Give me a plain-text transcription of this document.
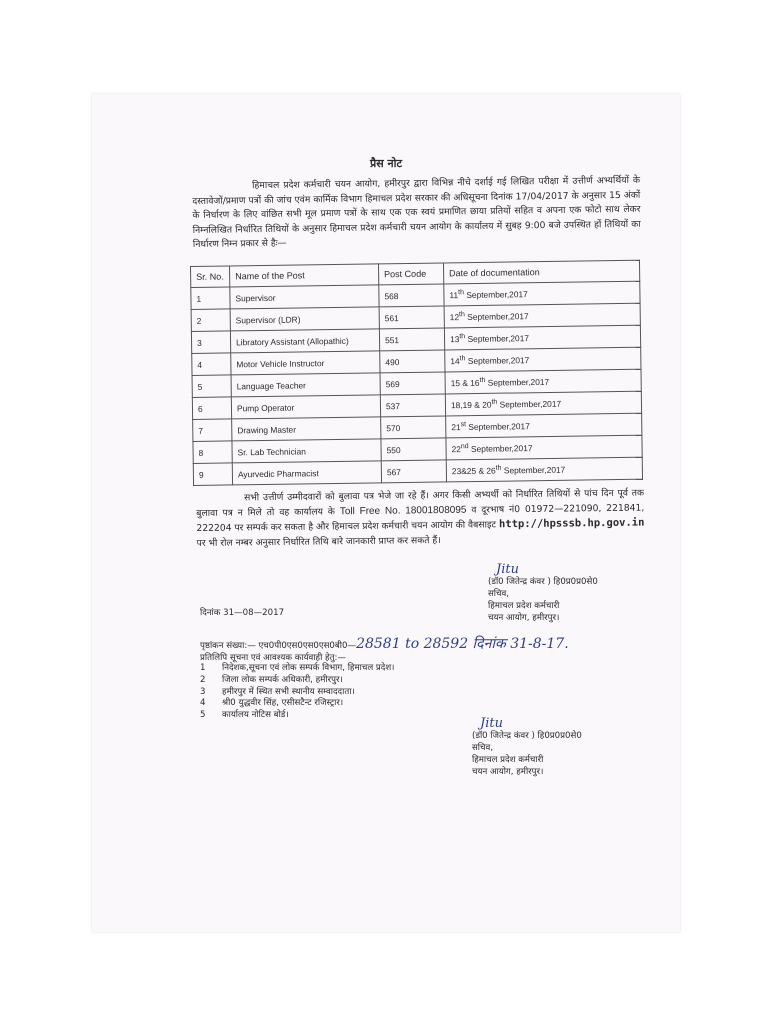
प्रैस नोट
हिमाचल प्रदेश कर्मचारी चयन आयोग, हमीरपुर द्वारा विभिन्न नीचे दर्शाई गई लिखित परीक्षा में उत्तीर्ण अभ्यर्थियों के दस्तावेजों/प्रमाण पत्रों की जांच एवंम कार्मिक विभाग हिमाचल प्रदेश सरकार की अधिसूचना दिनांक 17/04/2017 के अनुसार 15 अंकों के निर्धारण के लिए वांछित सभी मूल प्रमाण पत्रों के साथ एक एक स्वयं प्रमाणित छाया प्रतियों सहित व अपना एक फोटो साथ लेकर निम्नलिखित निर्धारित तिथियों के अनुसार हिमाचल प्रदेश कर्मचारी चयन आयोग के कार्यालय में सुबह 9:00 बजे उपस्थित हों तिथियों का निर्धारण निम्न प्रकार से हैः—
Sr. No.	Name of the Post	Post Code	Date of documentation
1	Supervisor	568	11th September,2017
2	Supervisor (LDR)	561	12th September,2017
3	Libratory Assistant (Allopathic)	551	13th September,2017
4	Motor Vehicle Instructor	490	14th September,2017
5	Language Teacher	569	15 & 16th September,2017
6	Pump Operator	537	18,19 & 20th September,2017
7	Drawing Master	570	21st September,2017
8	Sr. Lab Technician	550	22nd September,2017
9	Ayurvedic Pharmacist	567	23&25 & 26th September,2017
सभी उत्तीर्ण उम्मीदवारों को बुलावा पत्र भेजे जा रहे हैं। अगर किसी अभ्यर्थी को निर्धारित तिथियों से पांच दिन पूर्व तक बुलावा पत्र न मिले तो वह कार्यालय के Toll Free No. 18001808095 व दूरभाष नं0 01972—221090, 221841, 222204 पर सम्पर्क कर सकता है और हिमाचल प्रदेश कर्मचारी चयन आयोग की वैबसाइट http://hpsssb.hp.gov.in पर भी रोल नम्बर अनुसार निर्धारित तिथि बारे जानकारी प्राप्त कर सकते हैं।
Jitu
(डॉ0 जितेन्द्र कंवर ) हि0प्र0प्र0से0
सचिव,
हिमाचल प्रदेश कर्मचारी
चयन आयोग, हमीरपुर।
दिनांक 31—08—2017
पृष्ठांकन संख्या:— एच0पी0एस0एस0एस0बी0—28581 to 28592 दिनांक 31-8-17.
प्रतिलिपि सूचना एवं आवश्यक कार्यवाही हेतु:—
1 निदेशक,सूचना एवं लोक सम्पर्क विभाग, हिमाचल प्रदेश।
2 जिला लोक सम्पर्क अधिकारी, हमीरपुर।
3 हमीरपुर में स्थित सभी स्थानीय सम्वाददाता।
4 श्री0 युद्धवीर सिंह, एसीसटैन्ट रजिस्ट्रार।
5 कार्यालय नोटिस बोर्ड।
Jitu
(डॉ0 जितेन्द्र कंवर ) हि0प्र0प्र0से0
सचिव,
हिमाचल प्रदेश कर्मचारी
चयन आयोग, हमीरपुर।
